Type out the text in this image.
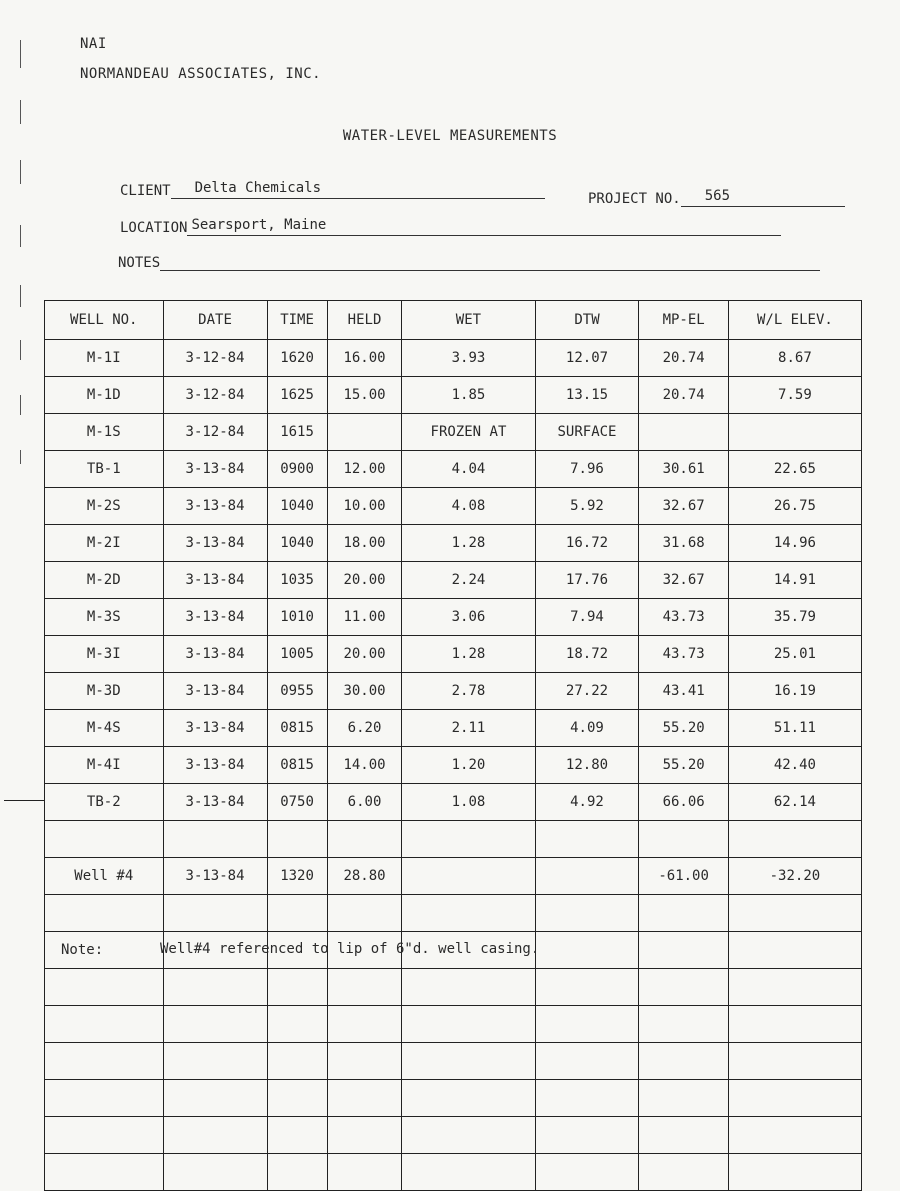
NAI
NORMANDEAU ASSOCIATES, INC.
WATER-LEVEL MEASUREMENTS
CLIENT	Delta Chemicals
PROJECT NO.	565
LOCATION Searsport, Maine
NOTES
WELL NO.	DATE	TIME	HELD	WET	DTW	MP-EL	W/L ELEV.
M-1I	3-12-84	1620	16.00	3.93	12.07	20.74	8.67
M-1D	3-12-84	1625	15.00	1.85	13.15	20.74	7.59
M-1S	3-12-84	1615		FROZEN AT	SURFACE		
TB-1	3-13-84	0900	12.00	4.04	7.96	30.61	22.65
M-2S	3-13-84	1040	10.00	4.08	5.92	32.67	26.75
M-2I	3-13-84	1040	18.00	1.28	16.72	31.68	14.96
M-2D	3-13-84	1035	20.00	2.24	17.76	32.67	14.91
M-3S	3-13-84	1010	11.00	3.06	7.94	43.73	35.79
M-3I	3-13-84	1005	20.00	1.28	18.72	43.73	25.01
M-3D	3-13-84	0955	30.00	2.78	27.22	43.41	16.19
M-4S	3-13-84	0815	6.20	2.11	4.09	55.20	51.11
M-4I	3-13-84	0815	14.00	1.20	12.80	55.20	42.40
TB-2	3-13-84	0750	6.00	1.08	4.92	66.06	62.14

Well #4	3-13-84	1320	28.80			-61.00	-32.20

Note:							

								Well#4 referenced to lip of 6"d. well casing.
